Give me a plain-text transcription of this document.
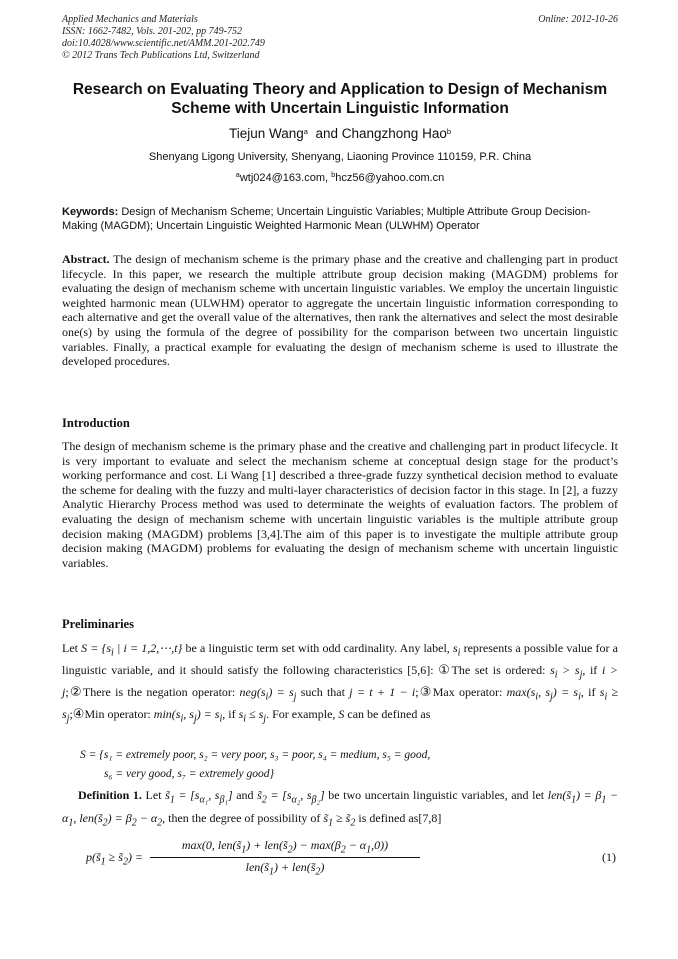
Applied Mechanics and Materials
ISSN: 1662-7482, Vols. 201-202, pp 749-752
doi:10.4028/www.scientific.net/AMM.201-202.749
© 2012 Trans Tech Publications Ltd, Switzerland
Online: 2012-10-26
Research on Evaluating Theory and Application to Design of Mechanism Scheme with Uncertain Linguistic Information
Tiejun Wang$^a$ and Changzhong Hao$^b$
Shenyang Ligong University, Shenyang, Liaoning Province 110159, P.R. China
$^a$wtj024@163.com, $^b$hcz56@yahoo.com.cn
Keywords: Design of Mechanism Scheme; Uncertain Linguistic Variables; Multiple Attribute Group Decision-Making (MAGDM); Uncertain Linguistic Weighted Harmonic Mean (ULWHM) Operator
Abstract. The design of mechanism scheme is the primary phase and the creative and challenging part in product lifecycle. In this paper, we research the multiple attribute group decision making (MAGDM) problems for evaluating the design of mechanism scheme with uncertain linguistic variables. We employ the uncertain linguistic weighted harmonic mean (ULWHM) operator to aggregate the uncertain linguistic information corresponding to each alternative and get the overall value of the alternatives, then rank the alternatives and select the most desirable one(s) by using the formula of the degree of possibility for the comparison between two uncertain linguistic variables. Finally, a practical example for evaluating the design of mechanism scheme is used to illustrate the developed procedures.
Introduction
The design of mechanism scheme is the primary phase and the creative and challenging part in product lifecycle. It is very important to evaluate and select the mechanism scheme at conceptual design stage for the product’s working performance and cost. Li Wang [1] described a three-grade fuzzy synthetical decision method to evaluate the scheme for dealing with the fuzzy and multi-layer characteristics of decision factor in this stage. In [2], a fuzzy Analytic Hierarchy Process method was used to determinate the weights of evaluation factors. The problem of evaluating the design of mechanism scheme with uncertain linguistic variables is the multiple attribute group decision making (MAGDM) problems [3,4].The aim of this paper is to investigate the multiple attribute group decision making (MAGDM) problems for evaluating the design of mechanism scheme with uncertain linguistic variables.
Preliminaries
Let $S = \{s_i$ | i = 1,2,⋯,t} be a linguistic term set with odd cardinality. Any label, $s_i$ represents a possible value for a linguistic variable, and it should satisfy the following characteristics [5,6]: ①The set is ordered: $s_i > s_j$, if i > j;②There is the negation operator: $neg(s_i) = s_j$ such that j = t + 1 − i;③Max operator: $\max(s_i$, $s_j) = s_i$, if $s_i$ ≥ $s_j;④Min$ operator: $\min(s_i$, $s_j) = s_i$, if $s_i \le s_j$. For example, S can be defined as
S = {s₁ = extremely poor, s₂ = very poor, s₃ = poor, s₄ = medium, s₅ = good,
s₆ = very good, s₇ = extremely good}
Definition 1. Let $s̃_1 = [s_{\alpha_1}$, $s_{\beta_1}$] and $s̃_2 = [s_{\alpha_2}$, $s_{\beta_2}$] be two uncertain linguistic variables, and let $len(s̃_1) = \beta_1 - \alpha_1$, $len(s̃_2) = \beta_2 - \alpha_2$, then the degree of possibility of $s̃_1$ ≥ $s̃_2$ is defined as[7,8]
$p(s̃_1$ ≥ $s̃_2$) =
max(0, $len(s̃_1)$ + $len(s̃_2) - \max(\beta_2 - \alpha_1,0)$)
$len(s̃_1)$ + $len(s̃_2)$
(1)
